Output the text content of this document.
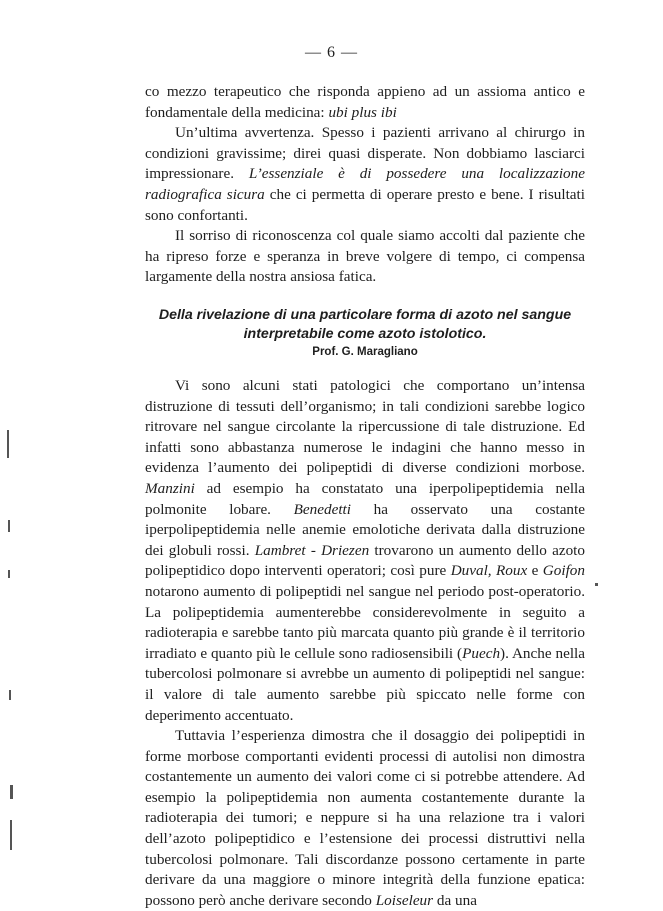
— 6 —

co mezzo terapeutico che risponda appieno ad un assioma antico e fondamentale della medicina: ubi plus ibi

Un’ultima avvertenza. Spesso i pazienti arrivano al chirurgo in condizioni gravissime; direi quasi disperate. Non dobbiamo lasciarci impressionare. L’essenziale è di possedere una localizzazione radiografica sicura che ci permetta di operare presto e bene. I risultati sono confortanti.

Il sorriso di riconoscenza col quale siamo accolti dal paziente che ha ripreso forze e speranza in breve volgere di tempo, ci compensa largamente della nostra ansiosa fatica.

Della rivelazione di una particolare forma di azoto nel sangue interpretabile come azoto istolotico.
Prof. G. Maragliano

Vi sono alcuni stati patologici che comportano un’intensa distruzione di tessuti dell’organismo; in tali condizioni sarebbe logico ritrovare nel sangue circolante la ripercussione di tale distruzione. Ed infatti sono abbastanza numerose le indagini che hanno messo in evidenza l’aumento dei polipeptidi di diverse condizioni morbose. Manzini ad esempio ha constatato una iperpolipeptidemia nella polmonite lobare. Benedetti ha osservato una costante iperpolipeptidemia nelle anemie emolotiche derivata dalla distruzione dei globuli rossi. Lambret - Driezen trovarono un aumento dello azoto polipeptidico dopo interventi operatori; così pure Duval, Roux e Goifon notarono aumento di polipeptidi nel sangue nel periodo post-operatorio. La polipeptidemia aumenterebbe considerevolmente in seguito a radioterapia e sarebbe tanto più marcata quanto più grande è il territorio irradiato e quanto più le cellule sono radiosensibili (Puech). Anche nella tubercolosi polmonare si avrebbe un aumento di polipeptidi nel sangue: il valore di tale aumento sarebbe più spiccato nelle forme con deperimento accentuato.

Tuttavia l’esperienza dimostra che il dosaggio dei polipeptidi in forme morbose comportanti evidenti processi di autolisi non dimostra costantemente un aumento dei valori come ci si potrebbe attendere. Ad esempio la polipeptidemia non aumenta costantemente durante la radioterapia dei tumori; e neppure si ha una relazione tra i valori dell’azoto polipeptidico e l’estensione dei processi distruttivi nella tubercolosi polmonare. Tali discordanze possono certamente in parte derivare da una maggiore o minore integrità della funzione epatica: possono però anche derivare secondo Loiseleur da una
